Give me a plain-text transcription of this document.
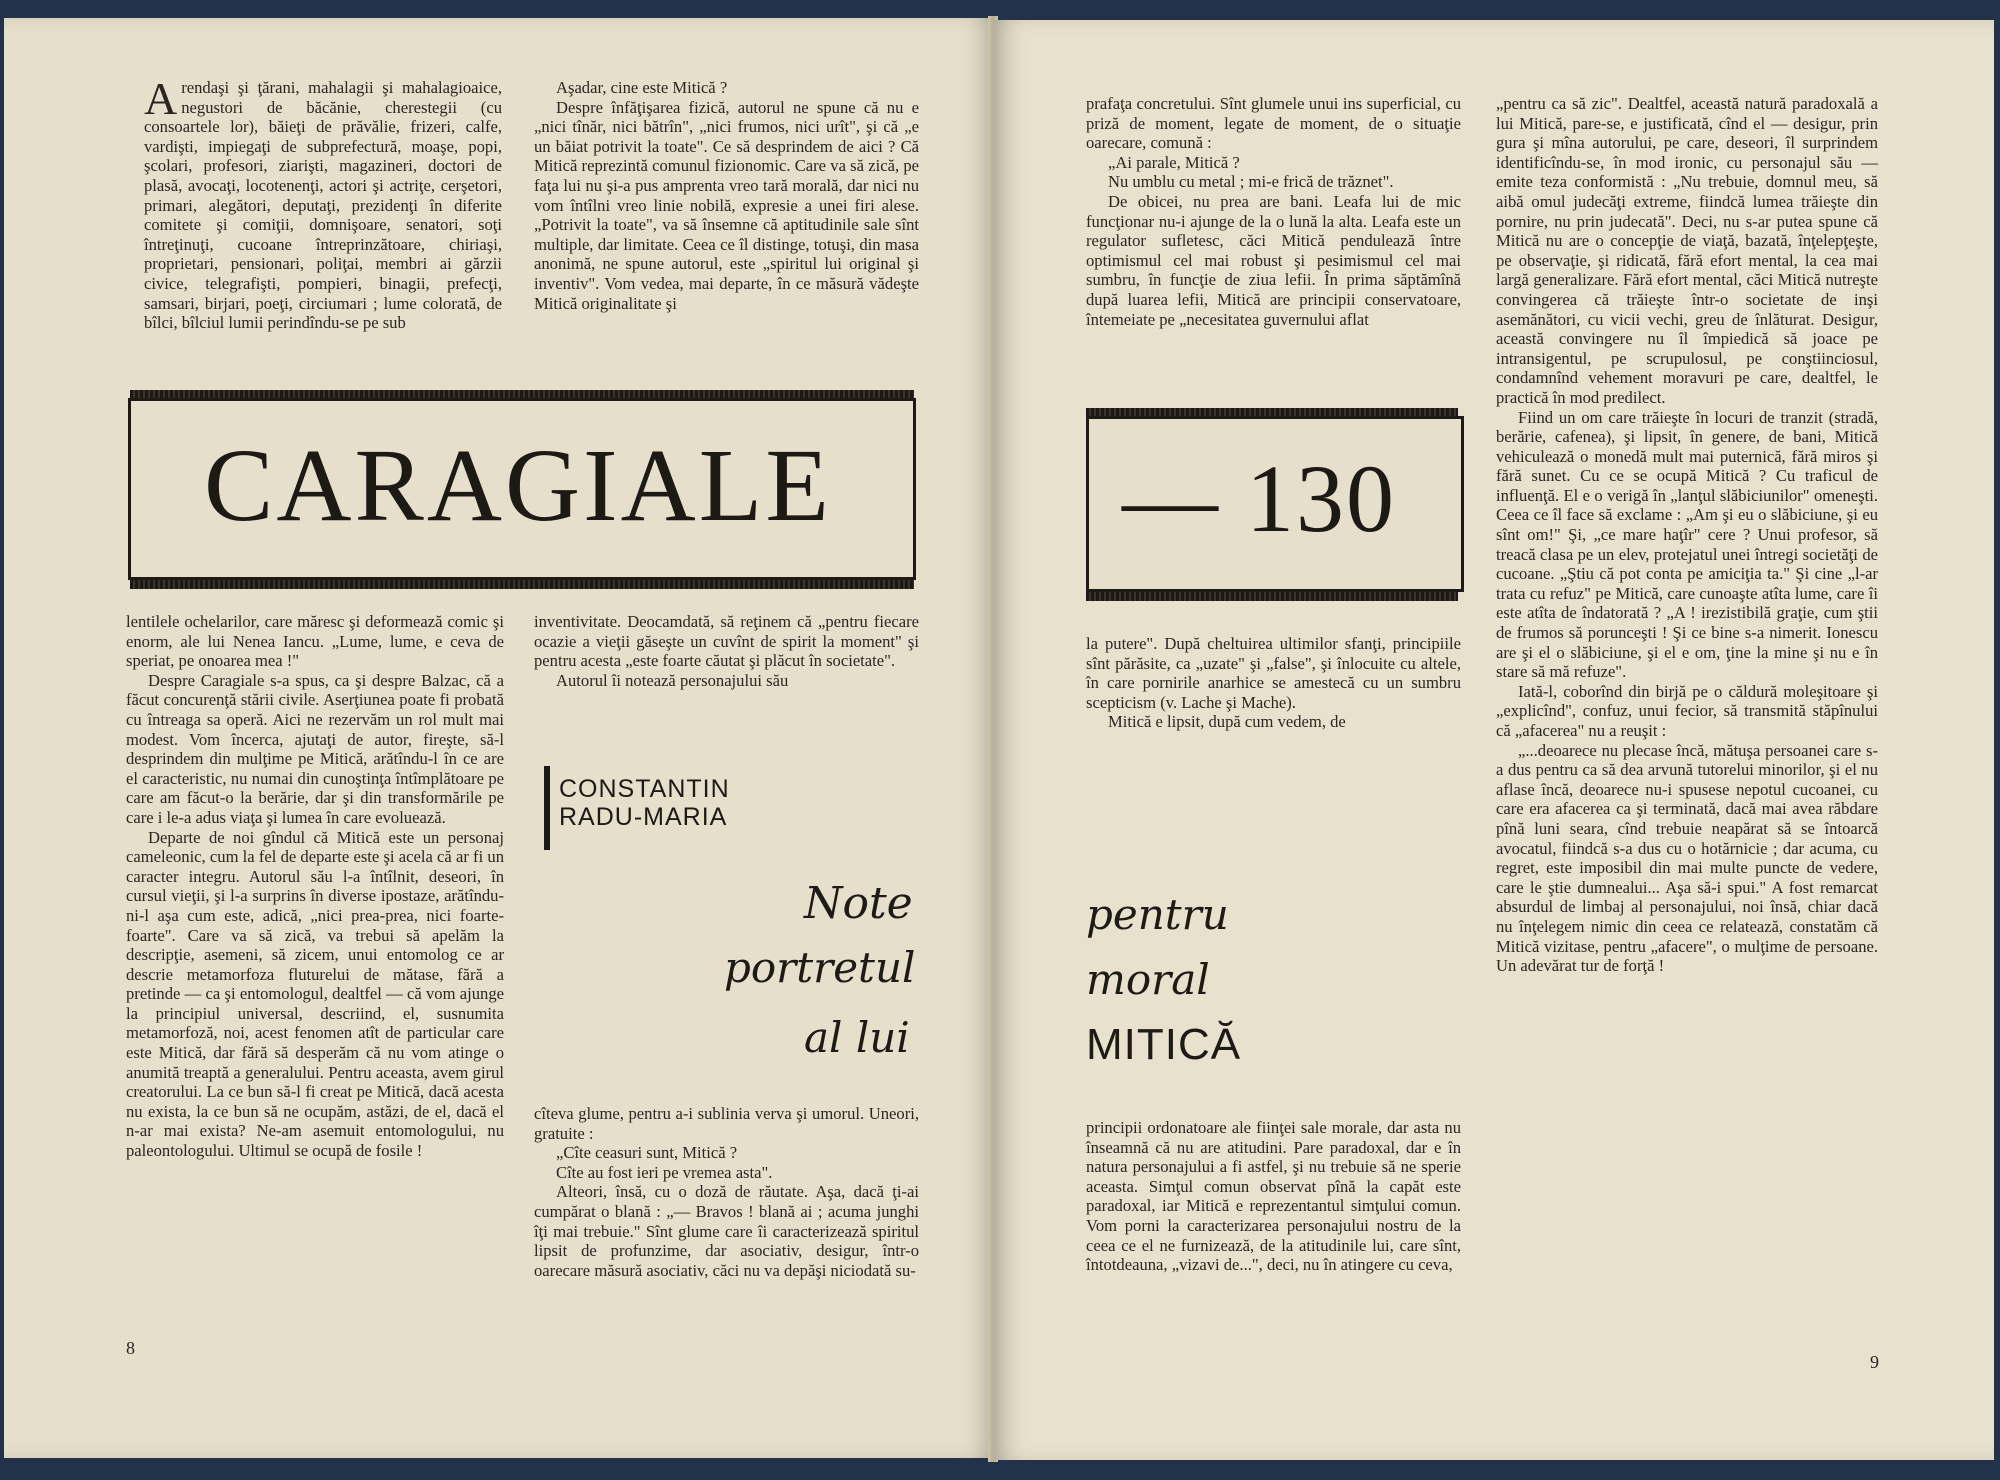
Arendaşi şi ţărani, mahalagii şi mahalagioaice, negustori de băcănie, cherestegii (cu consoartele lor), băieţi de prăvălie, frizeri, calfe, vardişti, impiegaţi de subprefectură, moaşe, popi, şcolari, profesori, ziarişti, magazineri, doctori de plasă, avocaţi, locotenenţi, actori şi actriţe, cerşetori, primari, alegători, deputaţi, prezidenţi în diferite comitete şi comiţii, domnişoare, senatori, soţi întreţinuţi, cucoane întreprinzătoare, chiriaşi, proprietari, pensionari, poliţai, membri ai gărzii civice, telegrafişti, pompieri, binagii, prefecţi, samsari, birjari, poeţi, circiumari ; lume colorată, de bîlci, bîlciul lumii perindîndu-se pe sub

Aşadar, cine este Mitică ?

Despre înfăţişarea fizică, autorul ne spune că nu e „nici tînăr, nici bătrîn", „nici frumos, nici urît", şi că „e un băiat potrivit la toate". Ce să desprindem de aici ? Că Mitică reprezintă comunul fizionomic. Care va să zică, pe faţa lui nu şi-a pus amprenta vreo tară morală, dar nici nu vom întîlni vreo linie nobilă, expresie a unei firi alese. „Potrivit la toate", va să însemne că aptitudinile sale sînt multiple, dar limitate. Ceea ce îl distinge, totuşi, din masa anonimă, ne spune autorul, este „spiritul lui original şi inventiv". Vom vedea, mai departe, în ce măsură vădeşte Mitică originalitate şi

CARAGIALE

lentilele ochelarilor, care măresc şi deformează comic şi enorm, ale lui Nenea Iancu. „Lume, lume, e ceva de speriat, pe onoarea mea !"

Despre Caragiale s-a spus, ca şi despre Balzac, că a făcut concurenţă stării civile. Aserţiunea poate fi probată cu întreaga sa operă. Aici ne rezervăm un rol mult mai modest. Vom încerca, ajutaţi de autor, fireşte, să-l desprindem din mulţime pe Mitică, arătîndu-l în ce are el caracteristic, nu numai din cunoştinţa întîmplătoare pe care am făcut-o la berărie, dar şi din transformările pe care i le-a adus viaţa şi lumea în care evoluează.

Departe de noi gîndul că Mitică este un personaj cameleonic, cum la fel de departe este şi acela că ar fi un caracter integru. Autorul său l-a întîlnit, deseori, în cursul vieţii, şi l-a surprins în diverse ipostaze, arătîndu-ni-l aşa cum este, adică, „nici prea-prea, nici foarte-foarte". Care va să zică, va trebui să apelăm la descripţie, asemeni, să zicem, unui entomolog ce ar descrie metamorfoza fluturelui de mătase, fără a pretinde — ca şi entomologul, dealtfel — că vom ajunge la principiul universal, descriind, el, susnumita metamorfoză, noi, acest fenomen atît de particular care este Mitică, dar fără să desperăm că nu vom atinge o anumită treaptă a generalului. Pentru aceasta, avem girul creatorului. La ce bun să-l fi creat pe Mitică, dacă acesta nu exista, la ce bun să ne ocupăm, astăzi, de el, dacă el n-ar mai exista? Ne-am asemuit entomologului, nu paleontologului. Ultimul se ocupă de fosile !

inventivitate. Deocamdată, să reţinem că „pentru fiecare ocazie a vieţii găseşte un cuvînt de spirit la moment" şi pentru acesta „este foarte căutat şi plăcut în societate".

Autorul îi notează personajului său

CONSTANTIN
RADU-MARIA
Note
portretul
al lui

cîteva glume, pentru a-i sublinia verva şi umorul. Uneori, gratuite :

„Cîte ceasuri sunt, Mitică ?

Cîte au fost ieri pe vremea asta".

Alteori, însă, cu o doză de răutate. Aşa, dacă ţi-ai cumpărat o blană : „— Bravos ! blană ai ; acuma junghi îţi mai trebuie." Sînt glume care îi caracterizează spiritul lipsit de profunzime, dar asociativ, desigur, într-o oarecare măsură asociativ, căci nu va depăşi niciodată su-

8

prafaţa concretului. Sînt glumele unui ins superficial, cu priză de moment, legate de moment, de o situaţie oarecare, comună :

„Ai parale, Mitică ?

Nu umblu cu metal ; mi-e frică de trăznet".

De obicei, nu prea are bani. Leafa lui de mic funcţionar nu-i ajunge de la o lună la alta. Leafa este un regulator sufletesc, căci Mitică pendulează între optimismul cel mai robust şi pesimismul cel mai sumbru, în funcţie de ziua lefii. În prima săptămînă după luarea lefii, Mitică are principii conservatoare, întemeiate pe „necesitatea guvernului aflat

— 130

la putere". După cheltuirea ultimilor sfanţi, principiile sînt părăsite, ca „uzate" şi „false", şi înlocuite cu altele, în care pornirile anarhice se amestecă cu un sumbru scepticism (v. Lache şi Mache).

Mitică e lipsit, după cum vedem, de

pentru
moral
MITICĂ

principii ordonatoare ale fiinţei sale morale, dar asta nu înseamnă că nu are atitudini. Pare paradoxal, dar e în natura personajului a fi astfel, şi nu trebuie să ne sperie aceasta. Simţul comun observat pînă la capăt este paradoxal, iar Mitică e reprezentantul simţului comun. Vom porni la caracterizarea personajului nostru de la ceea ce el ne furnizează, de la atitudinile lui, care sînt, întotdeauna, „vizavi de...", deci, nu în atingere cu ceva,

„pentru ca să zic". Dealtfel, această natură paradoxală a lui Mitică, pare-se, e justificată, cînd el — desigur, prin gura şi mîna autorului, pe care, deseori, îl surprindem identificîndu-se, în mod ironic, cu personajul său — emite teza conformistă : „Nu trebuie, domnul meu, să aibă omul judecăţi extreme, fiindcă lumea trăieşte din pornire, nu prin judecată". Deci, nu s-ar putea spune că Mitică nu are o concepţie de viaţă, bazată, înţelepţeşte, pe observaţie, şi ridicată, fără efort mental, la cea mai largă generalizare. Fără efort mental, căci Mitică nutreşte convingerea că trăieşte într-o societate de inşi asemănători, cu vicii vechi, greu de înlăturat. Desigur, această convingere nu îl împiedică să joace pe intransigentul, pe scrupulosul, pe conştiinciosul, condamnînd vehement moravuri pe care, dealtfel, le practică în mod predilect.

Fiind un om care trăieşte în locuri de tranzit (stradă, berărie, cafenea), şi lipsit, în genere, de bani, Mitică vehiculează o monedă mult mai puternică, fără miros şi fără sunet. Cu ce se ocupă Mitică ? Cu traficul de influenţă. El e o verigă în „lanţul slăbiciunilor" omeneşti. Ceea ce îl face să exclame : „Am şi eu o slăbiciune, şi eu sînt om!" Şi, „ce mare haţîr" cere ? Unui profesor, să treacă clasa pe un elev, protejatul unei întregi societăţi de cucoane. „Ştiu că pot conta pe amiciţia ta." Şi cine „l-ar trata cu refuz" pe Mitică, care cunoaşte atîta lume, care îi este atîta de îndatorată ? „A ! irezistibilă graţie, cum ştii de frumos să porunceşti ! Şi ce bine s-a nimerit. Ionescu are şi el o slăbiciune, şi el e om, ţine la mine şi nu e în stare să mă refuze".

Iată-l, coborînd din birjă pe o căldură moleşitoare şi „explicînd", confuz, unui fecior, să transmită stăpînului că „afacerea" nu a reuşit :

„...deoarece nu plecase încă, mătuşa persoanei care s-a dus pentru ca să dea arvună tutorelui minorilor, şi el nu aflase încă, deoarece nu-i spusese nepotul cucoanei, cu care era afacerea ca şi terminată, dacă mai avea răbdare pînă luni seara, cînd trebuie neapărat să se întoarcă avocatul, fiindcă s-a dus cu o hotărnicie ; dar acuma, cu regret, este imposibil din mai multe puncte de vedere, care le ştie dumnealui... Aşa să-i spui." A fost remarcat absurdul de limbaj al personajului, noi însă, chiar dacă nu înţelegem nimic din ceea ce relatează, constatăm că Mitică vizitase, pentru „afacere", o mulţime de persoane. Un adevărat tur de forţă !

9
